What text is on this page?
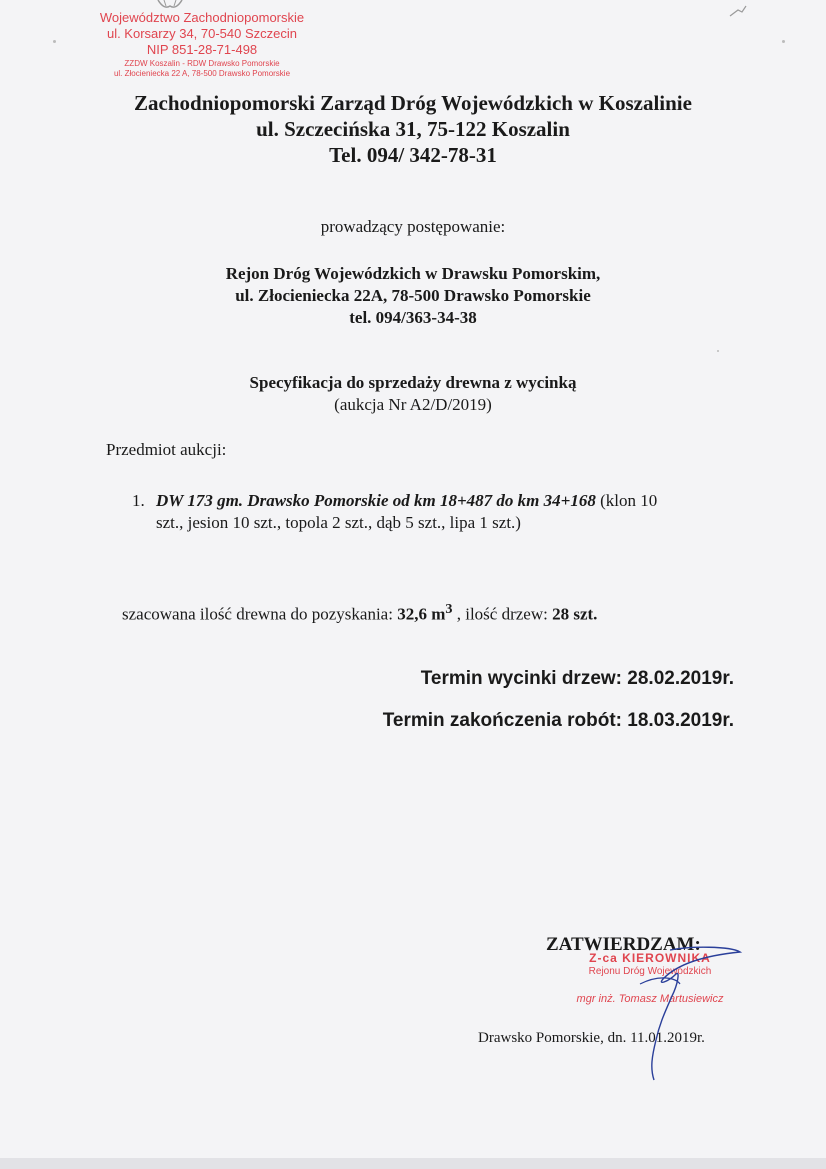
Województwo Zachodniopomorskie
ul. Korsarzy 34, 70-540 Szczecin
NIP 851-28-71-498
ZZDW Koszalin - RDW Drawsko Pomorskie
ul. Złocieniecka 22 A, 78-500 Drawsko Pomorskie
Zachodniopomorski Zarząd Dróg Wojewódzkich w Koszalinie
ul. Szczecińska 31, 75-122 Koszalin
Tel. 094/ 342-78-31
prowadzący postępowanie:
Rejon Dróg Wojewódzkich w Drawsku Pomorskim,
ul. Złocieniecka 22A, 78-500 Drawsko Pomorskie
tel. 094/363-34-38
Specyfikacja do sprzedaży drewna z wycinką
(aukcja Nr A2/D/2019)
Przedmiot aukcji:
1. DW 173 gm. Drawsko Pomorskie od km 18+487 do km 34+168 (klon 10
szt., jesion 10 szt., topola 2 szt., dąb 5 szt., lipa 1 szt.)
szacowana ilość drewna do pozyskania: 32,6 $m^3$ , ilość drzew: 28 szt.
Termin wycinki drzew: 28.02.2019r.
Termin zakończenia robót: 18.03.2019r.
ZATWIERDZAM:
Z-ca KIEROWNIKA
Rejonu Dróg Wojewódzkich
mgr inż. Tomasz Martusiewicz
Drawsko Pomorskie, dn. 11.01.2019r.
